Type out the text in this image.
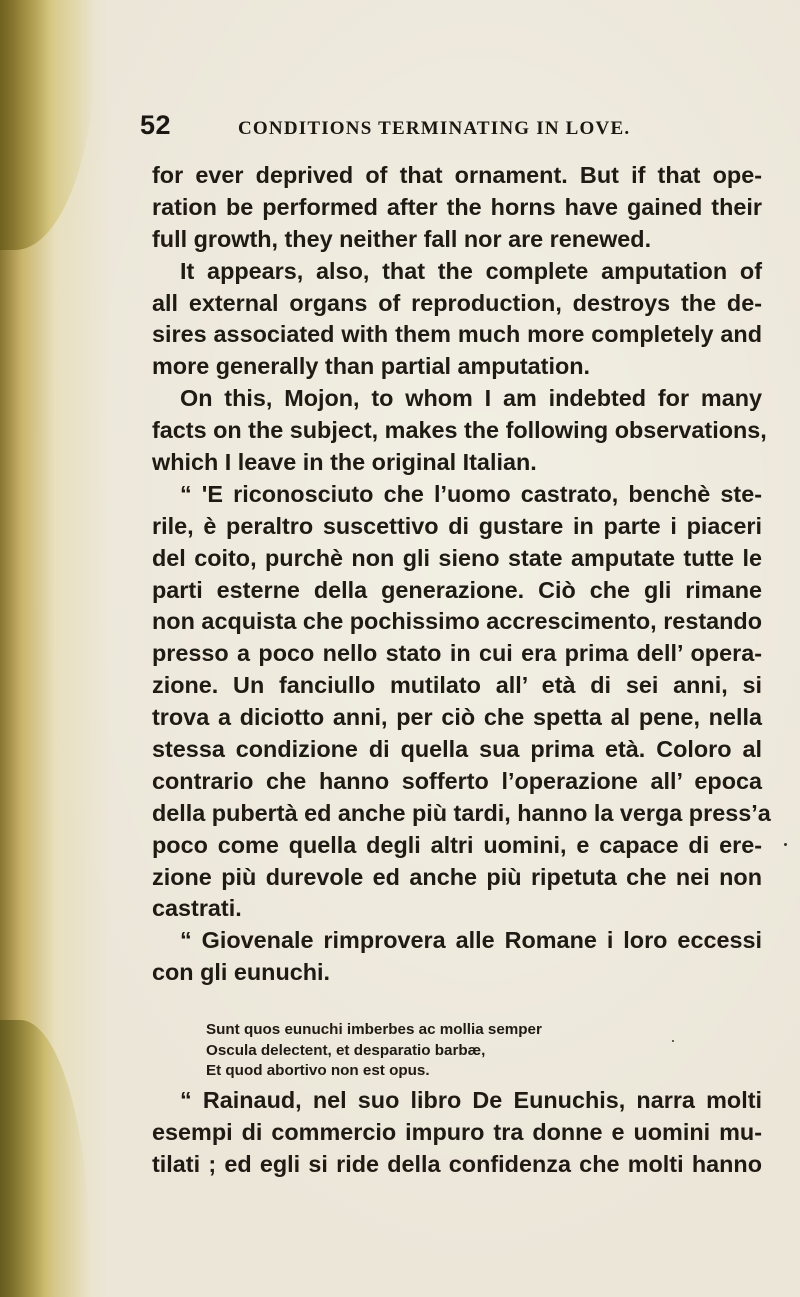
52	CONDITIONS TERMINATING IN LOVE.
for ever deprived of that ornament. But if that ope-
ration be performed after the horns have gained their
full growth, they neither fall nor are renewed.
It appears, also, that the complete amputation of
all external organs of reproduction, destroys the de-
sires associated with them much more completely and
more generally than partial amputation.
On this, Mojon, to whom I am indebted for many
facts on the subject, makes the following observations,
which I leave in the original Italian.
“ 'E riconosciuto che l’uomo castrato, benchè ste-
rile, è peraltro suscettivo di gustare in parte i piaceri
del coito, purchè non gli sieno state amputate tutte le
parti esterne della generazione. Ciò che gli rimane
non acquista che pochissimo accrescimento, restando
presso a poco nello stato in cui era prima dell’ opera-
zione. Un fanciullo mutilato all’ età di sei anni, si
trova a diciotto anni, per ciò che spetta al pene, nella
stessa condizione di quella sua prima età. Coloro al
contrario che hanno sofferto l’operazione all’ epoca
della pubertà ed anche più tardi, hanno la verga press’a
poco come quella degli altri uomini, e capace di ere-
zione più durevole ed anche più ripetuta che nei non
castrati.
“ Giovenale rimprovera alle Romane i loro eccessi
con gli eunuchi.
Sunt quos eunuchi imberbes ac mollia semper
Oscula delectent, et desparatio barbæ,
Et quod abortivo non est opus.
“ Rainaud, nel suo libro De Eunuchis, narra molti
esempi di commercio impuro tra donne e uomini mu-
tilati ; ed egli si ride della confidenza che molti hanno
